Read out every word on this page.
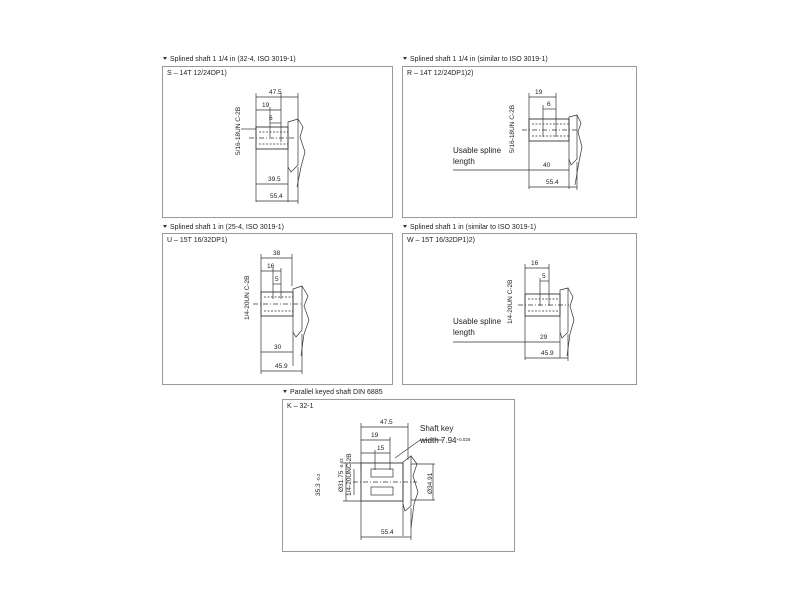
Splined shaft 1 1/4 in (32-4, ISO 3019-1)
S – 14T 12/24DP1)
47.5
19
6
39.5
55.4
5/16-18UN C-2B
Splined shaft 1 1/4 in (similar to ISO 3019-1)
R – 14T 12/24DP1)2)
19
6
40
55.4
5/16-18UN C-2B
Usable spline
length
Splined shaft 1 in (25-4, ISO 3019-1)
U – 15T 16/32DP1)
38
16
5
30
45.9
1/4-20UN C-2B
Splined shaft 1 in (similar to ISO 3019-1)
W – 15T 16/32DP1)2)
16
5
29
45.9
1/4-20UN C-2B
Usable spline
length
Parallel keyed shaft DIN 6885
K – 32-1
47.5
19
15
55.4
Ø31.75-0.03 1/4-20UNC-2B
35.3-0.2	Ø34.91
Shaft key
width $7.94^{+0.025}$
